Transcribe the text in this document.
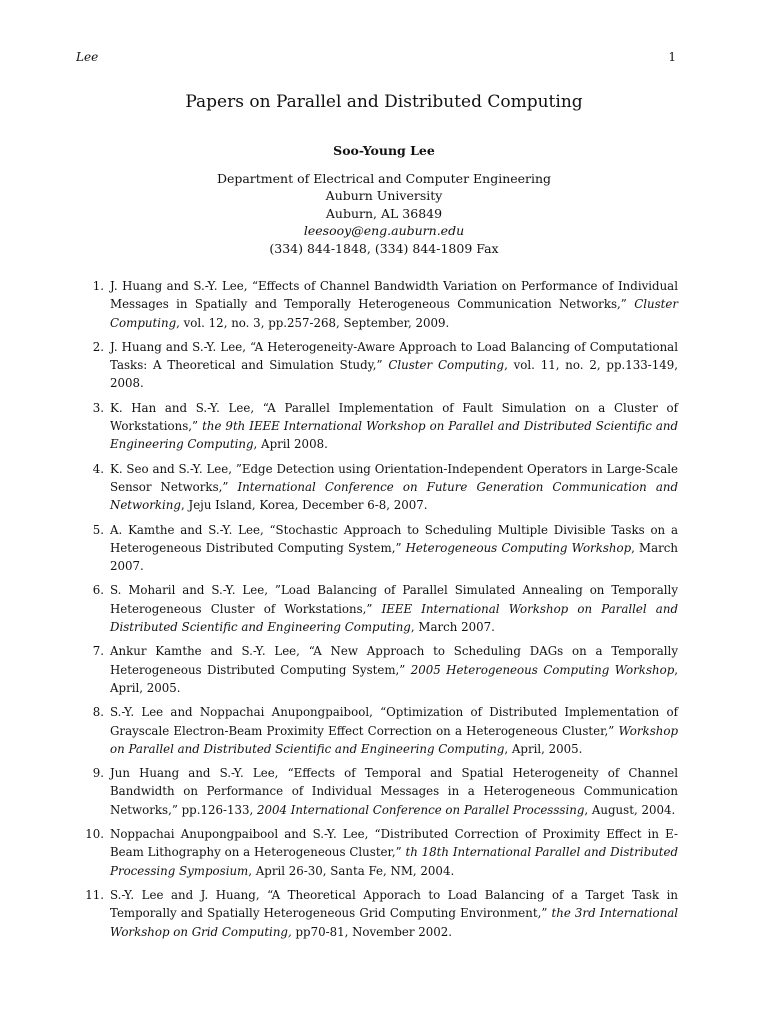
Lee	1
Papers on Parallel and Distributed Computing
Soo-Young Lee
Department of Electrical and Computer Engineering
Auburn University
Auburn, AL 36849
leesooy@eng.auburn.edu
(334) 844-1848, (334) 844-1809 Fax
1. J. Huang and S.-Y. Lee, “Effects of Channel Bandwidth Variation on Performance of Individual Messages in Spatially and Temporally Heterogeneous Communication Networks,” Cluster Computing, vol. 12, no. 3, pp.257-268, September, 2009.
2. J. Huang and S.-Y. Lee, “A Heterogeneity-Aware Approach to Load Balancing of Computational Tasks: A Theoretical and Simulation Study,” Cluster Computing, vol. 11, no. 2, pp.133-149, 2008.
3. K. Han and S.-Y. Lee, “A Parallel Implementation of Fault Simulation on a Cluster of Workstations,” the 9th IEEE International Workshop on Parallel and Distributed Scientific and Engineering Computing, April 2008.
4. K. Seo and S.-Y. Lee, ”Edge Detection using Orientation-Independent Operators in Large-Scale Sensor Networks,” International Conference on Future Generation Communication and Networking, Jeju Island, Korea, December 6-8, 2007.
5. A. Kamthe and S.-Y. Lee, “Stochastic Approach to Scheduling Multiple Divisible Tasks on a Heterogeneous Distributed Computing System,” Heterogeneous Computing Workshop, March 2007.
6. S. Moharil and S.-Y. Lee, ”Load Balancing of Parallel Simulated Annealing on Temporally Heterogeneous Cluster of Workstations,” IEEE International Workshop on Parallel and Distributed Scientific and Engineering Computing, March 2007.
7. Ankur Kamthe and S.-Y. Lee, “A New Approach to Scheduling DAGs on a Temporally Heterogeneous Distributed Computing System,” 2005 Heterogeneous Computing Workshop, April, 2005.
8. S.-Y. Lee and Noppachai Anupongpaibool, “Optimization of Distributed Implementation of Grayscale Electron-Beam Proximity Effect Correction on a Heterogeneous Cluster,” Workshop on Parallel and Distributed Scientific and Engineering Computing, April, 2005.
9. Jun Huang and S.-Y. Lee, “Effects of Temporal and Spatial Heterogeneity of Channel Bandwidth on Performance of Individual Messages in a Heterogeneous Communication Networks,” pp.126-133, 2004 International Conference on Parallel Processsing, August, 2004.
10. Noppachai Anupongpaibool and S.-Y. Lee, “Distributed Correction of Proximity Effect in E-Beam Lithography on a Heterogeneous Cluster,” th 18th International Parallel and Distributed Processing Symposium, April 26-30, Santa Fe, NM, 2004.
11. S.-Y. Lee and J. Huang, “A Theoretical Apporach to Load Balancing of a Target Task in Temporally and Spatially Heterogeneous Grid Computing Environment,” the 3rd International Workshop on Grid Computing, pp70-81, November 2002.
